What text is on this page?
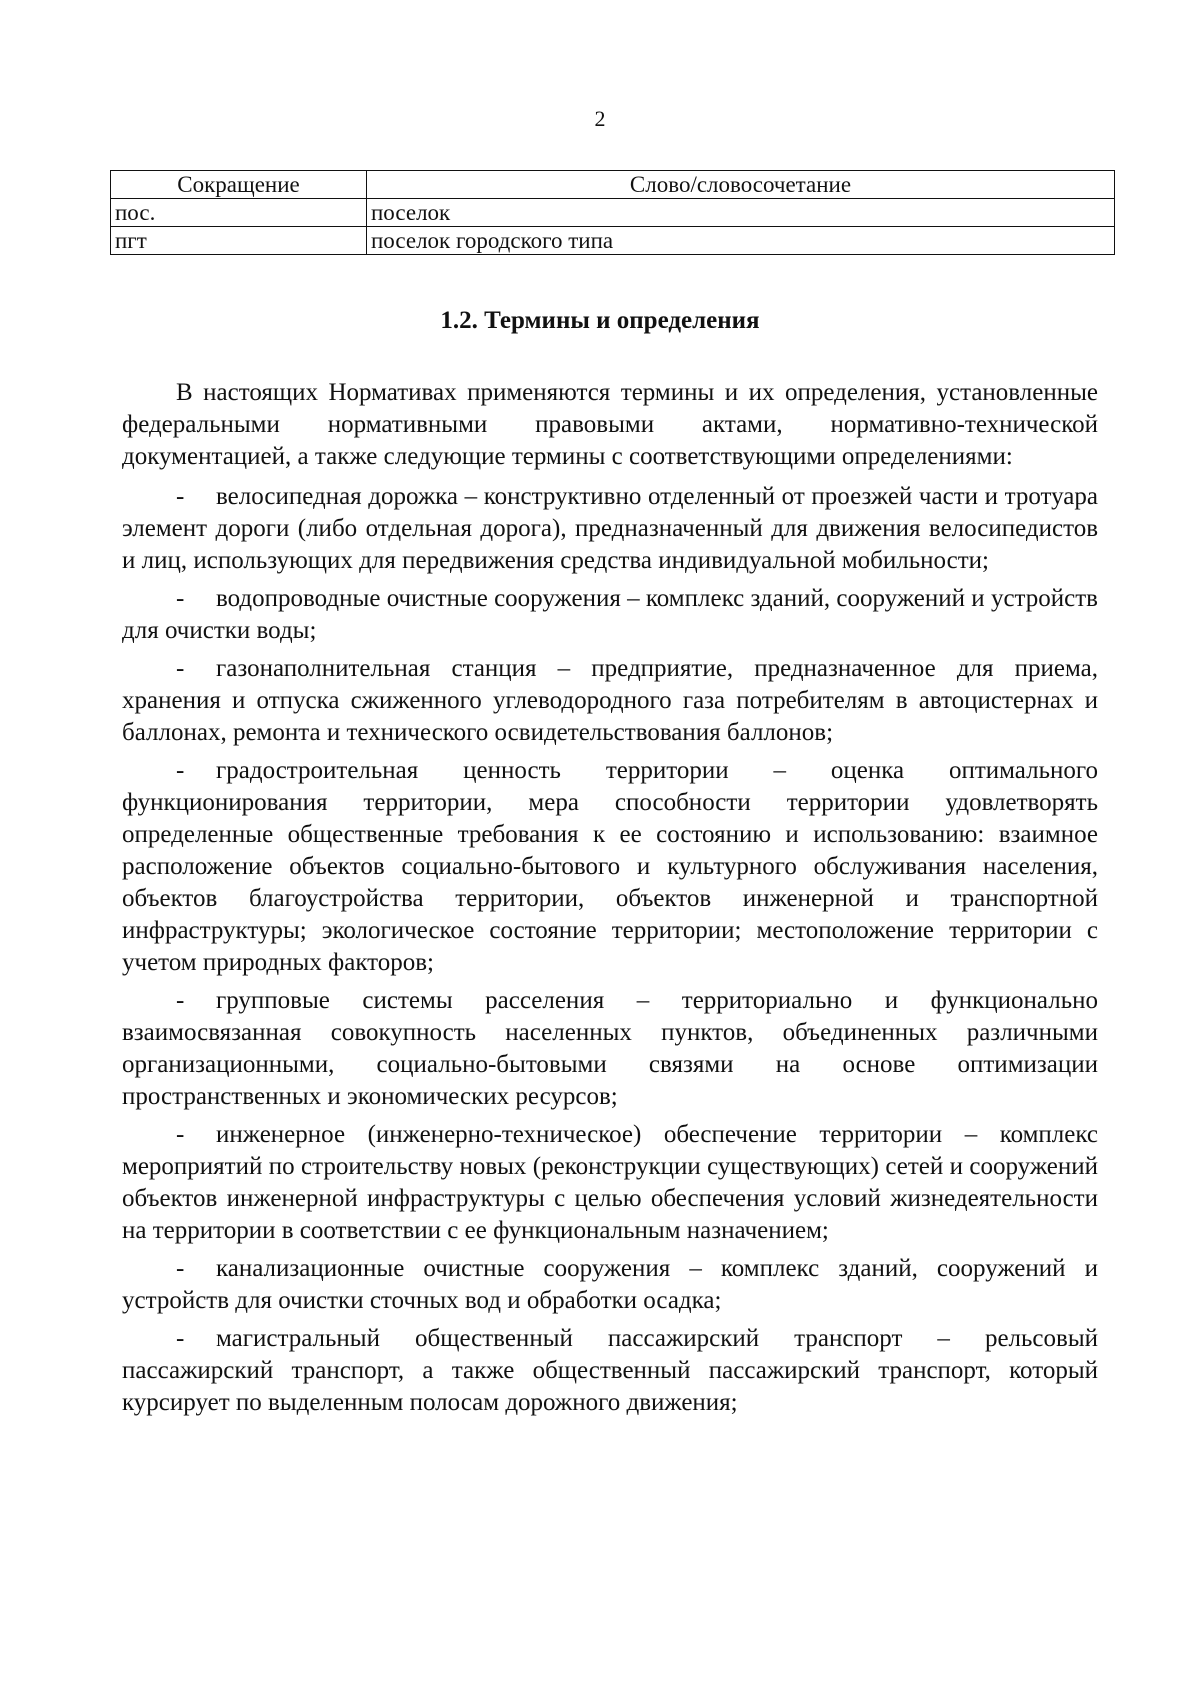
2
Сокращение	Слово/словосочетание
пос.	поселок
пгт	поселок городского типа
1.2. Термины и определения

В настоящих Нормативах применяются термины и их определения, установленные федеральными нормативными правовыми актами, нормативно-технической документацией, а также следующие термины с соответствующими определениями:

- велосипедная дорожка – конструктивно отделенный от проезжей части и тротуара элемент дороги (либо отдельная дорога), предназначенный для движения велосипедистов и лиц, использующих для передвижения средства индивидуальной мобильности;

- водопроводные очистные сооружения – комплекс зданий, сооружений и устройств для очистки воды;

- газонаполнительная станция – предприятие, предназначенное для приема, хранения и отпуска сжиженного углеводородного газа потребителям в автоцистернах и баллонах, ремонта и технического освидетельствования баллонов;

- градостроительная ценность территории – оценка оптимального функционирования территории, мера способности территории удовлетворять определенные общественные требования к ее состоянию и использованию: взаимное расположение объектов социально-бытового и культурного обслуживания населения, объектов благоустройства территории, объектов инженерной и транспортной инфраструктуры; экологическое состояние территории; местоположение территории с учетом природных факторов;

- групповые системы расселения – территориально и функционально взаимосвязанная совокупность населенных пунктов, объединенных различными организационными, социально-бытовыми связями на основе оптимизации пространственных и экономических ресурсов;

- инженерное (инженерно-техническое) обеспечение территории – комплекс мероприятий по строительству новых (реконструкции существующих) сетей и сооружений объектов инженерной инфраструктуры с целью обеспечения условий жизнедеятельности на территории в соответствии с ее функциональным назначением;

- канализационные очистные сооружения – комплекс зданий, сооружений и устройств для очистки сточных вод и обработки осадка;

- магистральный общественный пассажирский транспорт – рельсовый пассажирский транспорт, а также общественный пассажирский транспорт, который курсирует по выделенным полосам дорожного движения;
